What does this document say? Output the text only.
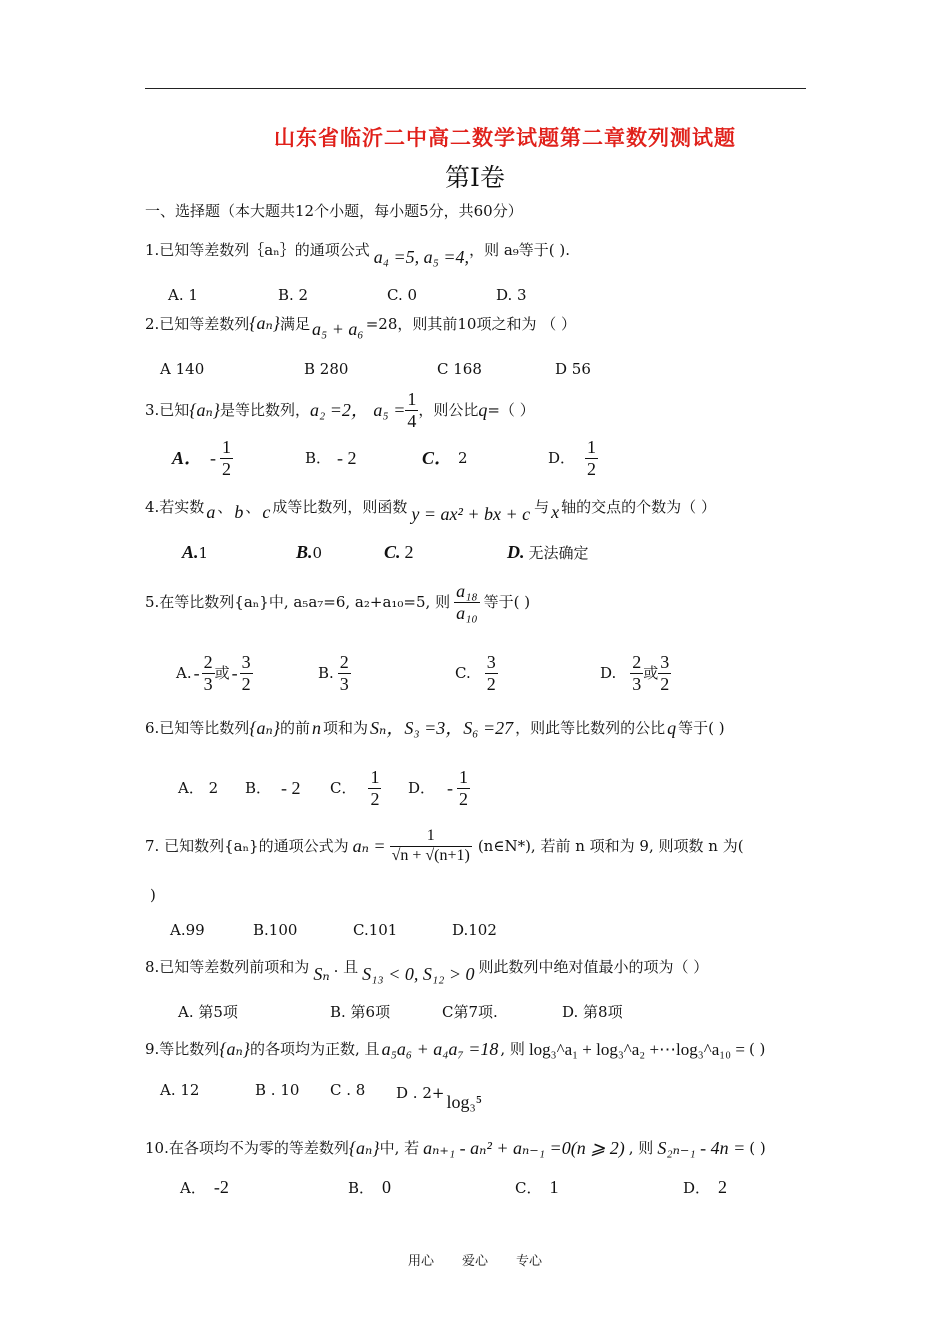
山东省临沂二中高二数学试题第二章数列测试题
第Ⅰ卷
一、选择题（本大题共12个小题，每小题5分，共60分）
1.已知等差数列｛aₙ｝的通项公式 a₄ =5, a₅ =4,，则 a₉等于( ).
A. 1	B. 2	C. 0	D. 3
2.已知等差数列{aₙ}满足 a₅ + a₆ =28，则其前10项之和为 （ ）
A 140	B 280	C 168	D 56
3.已知 {aₙ} 是等比数列， a₂ =2， $a_5 = \frac{1}{4}$ ，则公比 q =（ ）
A． -
1
2
B． - 2	C． 2	D．
1
2
4.若实数 a 、 b 、 c 成等比数列，则函数 y = ax² + bx + c 与 x 轴的交点的个数为（ ）
A.1	B.0	C. 2	D. 无法确定
5.在等比数列{aₙ}中, a₅a₇=6, a₂+a₁₀=5, 则
a₁₈
a₁₀
等于( )
A. -
2
3
或 -
3
2
B.
2
3
C.
3
2
D.
2
3
或
3
2
6.已知等比数列 {aₙ} 的前 n 项和为 Sₙ，S₃ =3，S₆ =27 ，则此等比数列的公比 q 等于( )
A． 2 B． - 2 C．
1
2
D． -
1
2
7. 已知数列{aₙ}的通项公式为 $a_n = \frac{1}{√n + √(n+1)}$ (n∈N*), 若前 n 项和为 9, 则项数 n 为(
)
A.99	B.100	C.101	D.102
8.已知等差数列前项和为 Sₙ . 且 S₁₃ < 0, S₁₂ > 0 则此数列中绝对值最小的项为（ ）
A. 第5项	B. 第6项	C第7项.	D. 第8项
9.等比数列 {aₙ} 的各项均为正数, 且 a₅a₆ + a₄a₇ =18 , 则 log₃^a₁ + log₃^a₂ +⋯log₃^a₁₀ = ( )
A. 12	B . 10 C . 8 D . 2+ log₃⁵
10.在各项均不为零的等差数列 {aₙ} 中, 若 aₙ₊₁ - aₙ² + aₙ₋₁ =0(n ⩾ 2) , 则 S₂ₙ₋₁ - 4n = ( )
A． -2	B． 0	C． 1	D． 2
用心 爱心 专心
